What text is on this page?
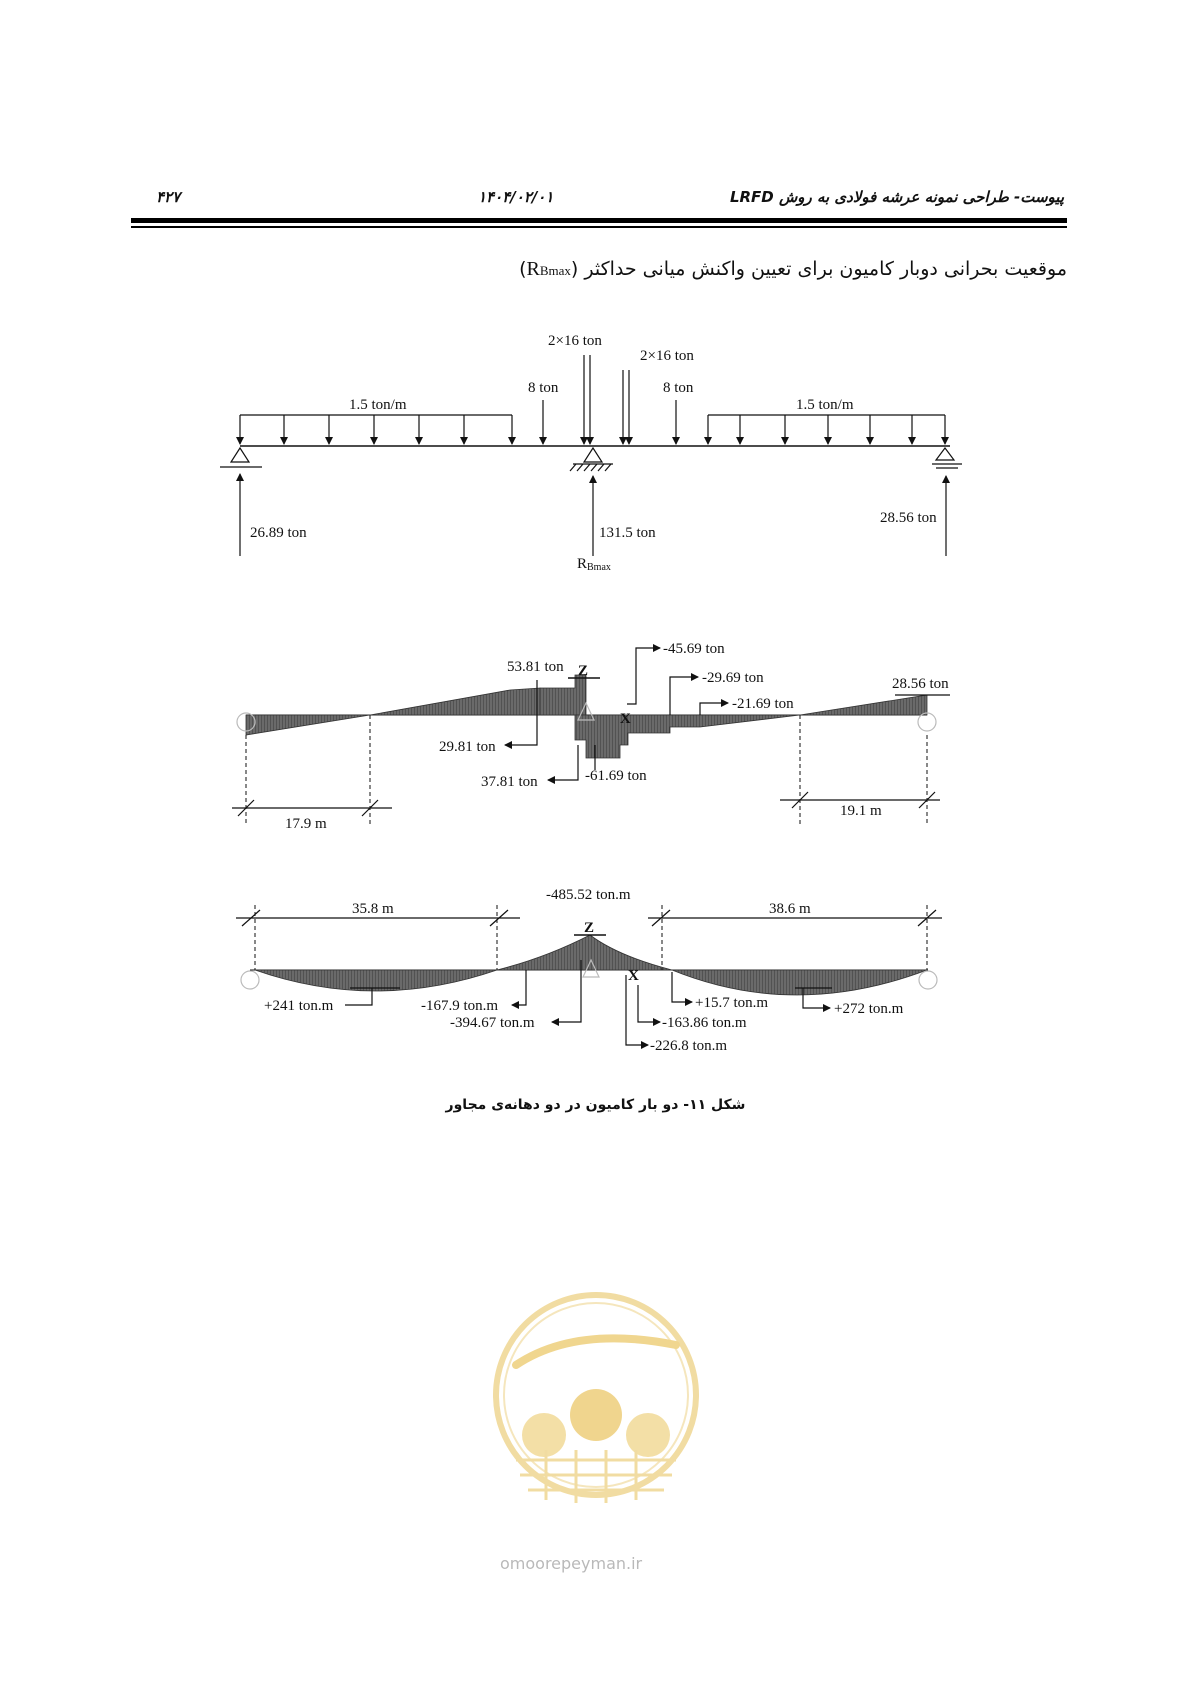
۴۲۷	۱۴۰۴/۰۲/۰۱	پیوست- طراحی نمونه عرشه فولادی به روش LRFD
موقعیت بحرانی دوبار کامیون برای تعیین واکنش میانی حداکثر (RBmax)
1.5 ton/m	1.5 ton/m
8 ton
2×16 ton
2×16 ton
8 ton
26.89 ton	131.5 ton
28.56 ton
RBmax
Z
X
-45.69 ton
-29.69 ton
-21.69 ton
53.81 ton
28.56 ton
29.81 ton
37.81 ton	-61.69 ton
17.9 m
19.1 m
Z
X
-485.52 ton.m
35.8 m	38.6 m
+241 ton.m	-167.9 ton.m
-394.67 ton.m
+15.7 ton.m
-163.86 ton.m
+272 ton.m
-226.8 ton.m
شکل ۱۱- دو بار کامیون در دو دهانه‌ی مجاور
omoorepeyman.ir
